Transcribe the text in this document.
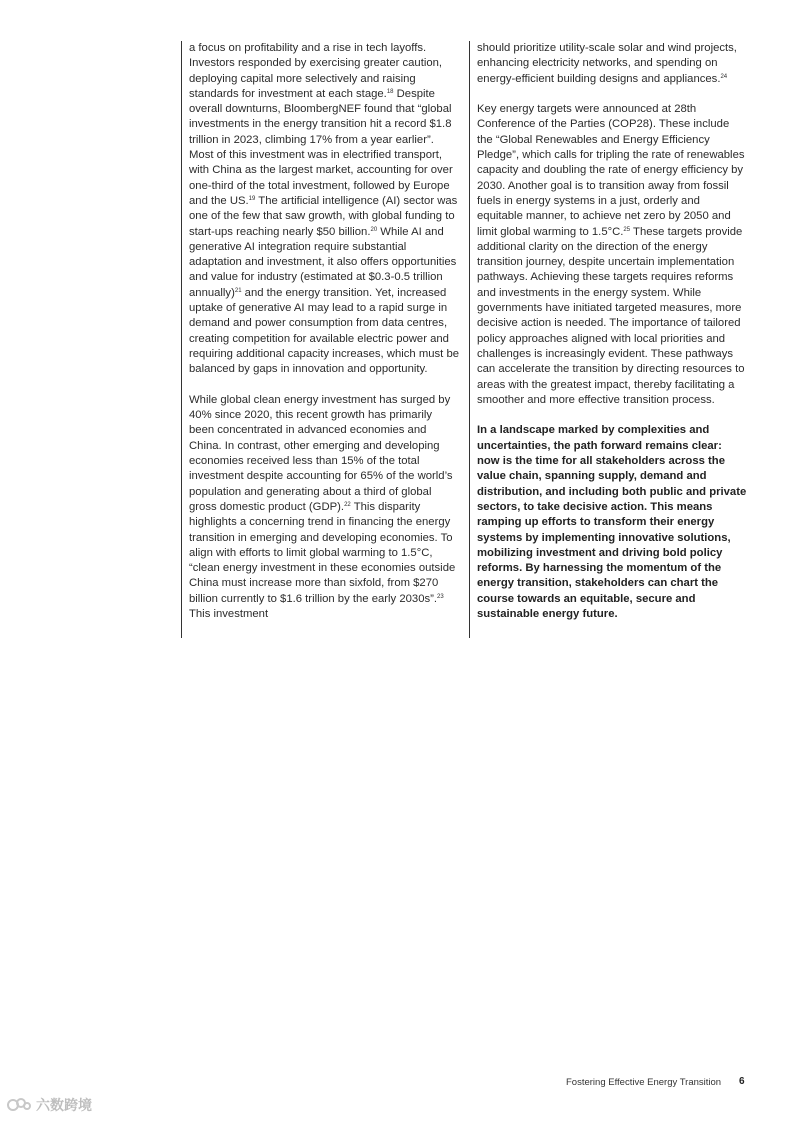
a focus on profitability and a rise in tech layoffs. Investors responded by exercising greater caution, deploying capital more selectively and raising standards for investment at each stage.$^{18}$ Despite overall downturns, BloombergNEF found that “global investments in the energy transition hit a record $1.8 trillion in 2023, climbing 17% from a year earlier”. Most of this investment was in electrified transport, with China as the largest market, accounting for over one-third of the total investment, followed by Europe and the US.$^{19}$ The artificial intelligence (AI) sector was one of the few that saw growth, with global funding to start-ups reaching nearly $50 billion.$^{20}$ While AI and generative AI integration require substantial adaptation and investment, it also offers opportunities and value for industry (estimated at $0.3-0.5 trillion annually)$^{21}$ and the energy transition. Yet, increased uptake of generative AI may lead to a rapid surge in demand and power consumption from data centres, creating competition for available electric power and requiring additional capacity increases, which must be balanced by gaps in innovation and opportunity.

While global clean energy investment has surged by 40% since 2020, this recent growth has primarily been concentrated in advanced economies and China. In contrast, other emerging and developing economies received less than 15% of the total investment despite accounting for 65% of the world’s population and generating about a third of global gross domestic product (GDP).$^{22}$ This disparity highlights a concerning trend in financing the energy transition in emerging and developing economies. To align with efforts to limit global warming to 1.5°C, “clean energy investment in these economies outside China must increase more than sixfold, from $270 billion currently to $1.6 trillion by the early 2030s”.$^{23}$ This investment

should prioritize utility-scale solar and wind projects, enhancing electricity networks, and spending on energy-efficient building designs and appliances.$^{24}$

Key energy targets were announced at 28th Conference of the Parties (COP28). These include the “Global Renewables and Energy Efficiency Pledge”, which calls for tripling the rate of renewables capacity and doubling the rate of energy efficiency by 2030. Another goal is to transition away from fossil fuels in energy systems in a just, orderly and equitable manner, to achieve net zero by 2050 and limit global warming to 1.5°C.$^{25}$ These targets provide additional clarity on the direction of the energy transition journey, despite uncertain implementation pathways. Achieving these targets requires reforms and investments in the energy system. While governments have initiated targeted measures, more decisive action is needed. The importance of tailored policy approaches aligned with local priorities and challenges is increasingly evident. These pathways can accelerate the transition by directing resources to areas with the greatest impact, thereby facilitating a smoother and more effective transition process.

In a landscape marked by complexities and uncertainties, the path forward remains clear: now is the time for all stakeholders across the value chain, spanning supply, demand and distribution, and including both public and private sectors, to take decisive action. This means ramping up efforts to transform their energy systems by implementing innovative solutions, mobilizing investment and driving bold policy reforms. By harnessing the momentum of the energy transition, stakeholders can chart the course towards an equitable, secure and sustainable energy future.

Fostering Effective Energy Transition 6
六数跨境
